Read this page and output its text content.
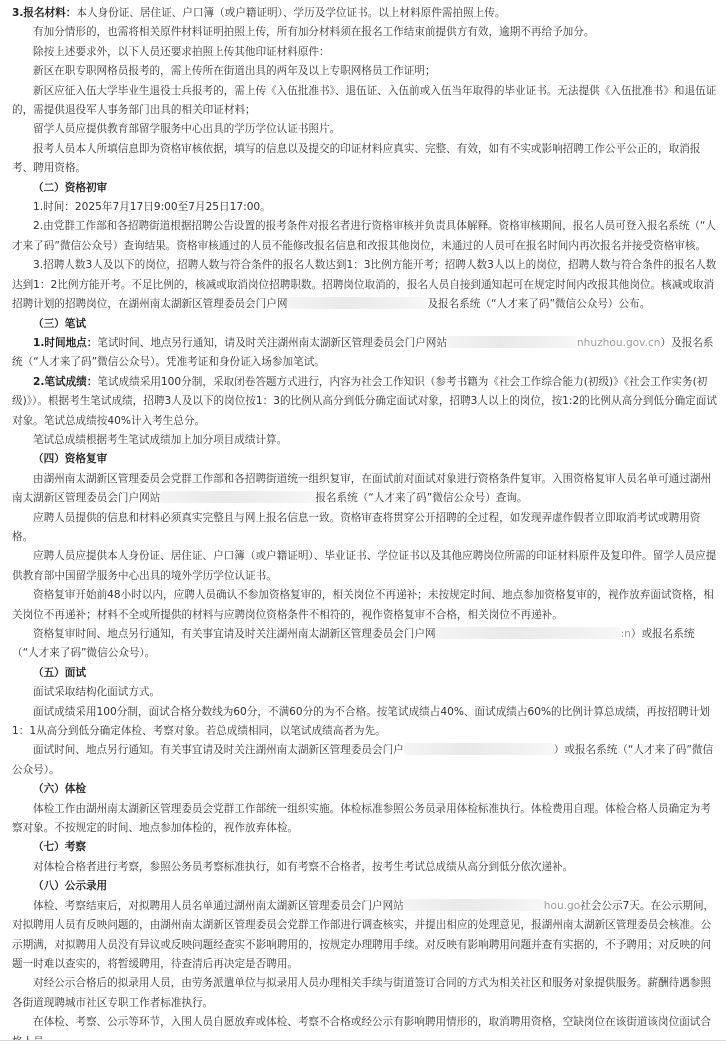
3.报名材料：本人身份证、居住证、户口簿（或户籍证明）、学历及学位证书。以上材料原件需拍照上传。

有加分情形的，也需将相关原件材料证明拍照上传，所有加分材料须在报名工作结束前提供方有效，逾期不再给予加分。

除按上述要求外，以下人员还要求拍照上传其他印证材料原件：

新区在职专职网格员报考的，需上传所在街道出具的两年及以上专职网格员工作证明；

新区应征入伍大学毕业生退役士兵报考的，需上传《入伍批准书》、退伍证、入伍前或入伍当年取得的毕业证书。无法提供《入伍批准书》和退伍证的，需提供退役军人事务部门出具的相关印证材料；

留学人员应提供教育部留学服务中心出具的学历学位认证书照片。

报考人员本人所填信息即为资格审核依据，填写的信息以及提交的印证材料应真实、完整、有效，如有不实或影响招聘工作公平公正的，取消报考、聘用资格。

（二）资格初审

1.时间：2025年7月17日9:00至7月25日17:00。

2.由党群工作部和各招聘街道根据招聘公告设置的报考条件对报名者进行资格审核并负责具体解释。资格审核期间，报名人员可登入报名系统（“人才来了码”微信公众号）查询结果。资格审核通过的人员不能修改报名信息和改报其他岗位，未通过的人员可在报名时间内再次报名并接受资格审核。

3.招聘人数3人及以下的岗位，招聘人数与符合条件的报名人数达到1：3比例方能开考；招聘人数3人以上的岗位，招聘人数与符合条件的报名人数达到1：2比例方能开考。不足比例的，核减或取消岗位招聘职数。招聘岗位取消的，报名人员自接到通知起可在规定时间内改报其他岗位。核减或取消招聘计划的招聘岗位，在湖州南太湖新区管理委员会门户网	及报名系统（“人才来了码”微信公众号）公布。

（三）笔试

1.时间地点：笔试时间、地点另行通知，请及时关注湖州南太湖新区管理委员会门户网站	nhuzhou.gov.cn）及报名系统（“人才来了码”微信公众号）。凭准考证和身份证入场参加笔试。

2.笔试成绩：笔试成绩采用100分制，采取闭卷答题方式进行，内容为社会工作知识（参考书籍为《社会工作综合能力(初级)》《社会工作实务(初级)》）。根据考生笔试成绩，招聘3人及以下的岗位按1：3的比例从高分到低分确定面试对象，招聘3人以上的岗位，按1:2的比例从高分到低分确定面试对象。笔试总成绩按40%计入考生总分。

笔试总成绩根据考生笔试成绩加上加分项目成绩计算。

（四）资格复审

由湖州南太湖新区管理委员会党群工作部和各招聘街道统一组织复审，在面试前对面试对象进行资格条件复审。入围资格复审人员名单可通过湖州南太湖新区管理委员会门户网站	报名系统（“人才来了码”微信公众号）查询。

应聘人员提供的信息和材料必须真实完整且与网上报名信息一致。资格审查将贯穿公开招聘的全过程，如发现弄虚作假者立即取消考试或聘用资格。

应聘人员应提供本人身份证、居住证、户口簿（或户籍证明）、毕业证书、学位证书以及其他应聘岗位所需的印证材料原件及复印件。留学人员应提供教育部中国留学服务中心出具的境外学历学位认证书。

资格复审开始前48小时以内，应聘人员确认不参加资格复审的，相关岗位不再递补；未按规定时间、地点参加资格复审的，视作放弃面试资格，相关岗位不再递补；材料不全或所提供的材料与应聘岗位资格条件不相符的，视作资格复审不合格，相关岗位不再递补。

资格复审时间、地点另行通知，有关事宜请及时关注湖州南太湖新区管理委员会门户网	:n）或报名系统（“人才来了码”微信公众号）。

（五）面试

面试采取结构化面试方式。

面试成绩采用100分制，面试合格分数线为60分，不满60分的为不合格。按笔试成绩占40%、面试成绩占60%的比例计算总成绩，再按招聘计划1：1从高分到低分确定体检、考察对象。若总成绩相同，以笔试成绩高者为先。

面试时间、地点另行通知。有关事宜请及时关注湖州南太湖新区管理委员会门户	）或报名系统（“人才来了码”微信公众号）。

（六）体检

体检工作由湖州南太湖新区管理委员会党群工作部统一组织实施。体检标准参照公务员录用体检标准执行。体检费用自理。体检合格人员确定为考察对象。不按规定的时间、地点参加体检的，视作放弃体检。

（七）考察

对体检合格者进行考察，参照公务员考察标准执行，如有考察不合格者，按考生考试总成绩从高分到低分依次递补。

（八）公示录用

体检、考察结束后，对拟聘用人员名单通过湖州南太湖新区管理委员会门户网站	hou.go社会公示7天。在公示期间，对拟聘用人员有反映问题的，由湖州南太湖新区管理委员会党群工作部进行调查核实，并提出相应的处理意见，报湖州南太湖新区管理委员会核准。公示期满，对拟聘用人员没有异议或反映问题经查实不影响聘用的，按规定办理聘用手续。对反映有影响聘用问题并查有实据的，不予聘用；对反映的问题一时难以查实的，将暂缓聘用，待查清后再决定是否聘用。

对经公示合格后的拟录用人员，由劳务派遣单位与拟录用人员办理相关手续与街道签订合同的方式为相关社区和服务对象提供服务。薪酬待遇参照各街道现聘城市社区专职工作者标准执行。

在体检、考察、公示等环节，入围人员自愿放弃或体检、考察不合格或经公示有影响聘用情形的，取消聘用资格，空缺岗位在该街道该岗位面试合
